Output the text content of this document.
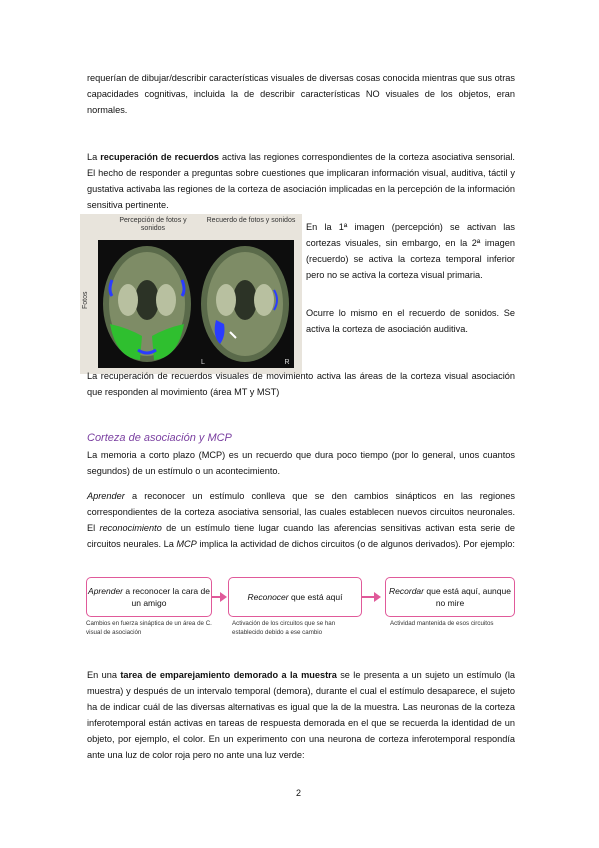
requerían de dibujar/describir características visuales de diversas cosas conocida mientras que sus otras capacidades cognitivas, incluida la de describir características NO visuales de los objetos, eran normales.

La recuperación de recuerdos activa las regiones correspondientes de la corteza asociativa sensorial. El hecho de responder a preguntas sobre cuestiones que implicaran información visual, auditiva, táctil y gustativa activaba las regiones de la corteza de asociación implicadas en la percepción de la información sensitiva pertinente.

Percepción de fotos y sonidos
Recuerdo de fotos y sonidos
Fotos
L	R

En la 1ª imagen (percepción) se activan las cortezas visuales, sin embargo, en la 2ª imagen (recuerdo) se activa la corteza temporal inferior pero no se activa la corteza visual primaria.

Ocurre lo mismo en el recuerdo de sonidos. Se activa la corteza de asociación auditiva.

La recuperación de recuerdos visuales de movimiento activa las áreas de la corteza visual asociación que responden al movimiento (área MT y MST)

Corteza de asociación y MCP

La memoria a corto plazo (MCP) es un recuerdo que dura poco tiempo (por lo general, unos cuantos segundos) de un estímulo o un acontecimiento.

Aprender a reconocer un estímulo conlleva que se den cambios sinápticos en las regiones correspondientes de la corteza asociativa sensorial, las cuales establecen nuevos circuitos neuronales. El reconocimiento de un estímulo tiene lugar cuando las aferencias sensitivas activan esta serie de circuitos neurales. La MCP implica la actividad de dichos circuitos (o de algunos derivados). Por ejemplo:

Aprender a reconocer la cara de un amigo
Reconocer que está aquí
Recordar que está aquí, aunque no mire
Cambios en fuerza sináptica de un área de C. visual de asociación
Activación de los circuitos que se han establecido debido a ese cambio
Actividad mantenida de esos circuitos

En una tarea de emparejamiento demorado a la muestra se le presenta a un sujeto un estímulo (la muestra) y después de un intervalo temporal (demora), durante el cual el estímulo desaparece, el sujeto ha de indicar cuál de las diversas alternativas es igual que la de la muestra. Las neuronas de la corteza inferotemporal están activas en tareas de respuesta demorada en el que se recuerda la identidad de un objeto, por ejemplo, el color. En un experimento con una neurona de corteza inferotemporal respondía ante una luz de color roja pero no ante una luz verde:

2
